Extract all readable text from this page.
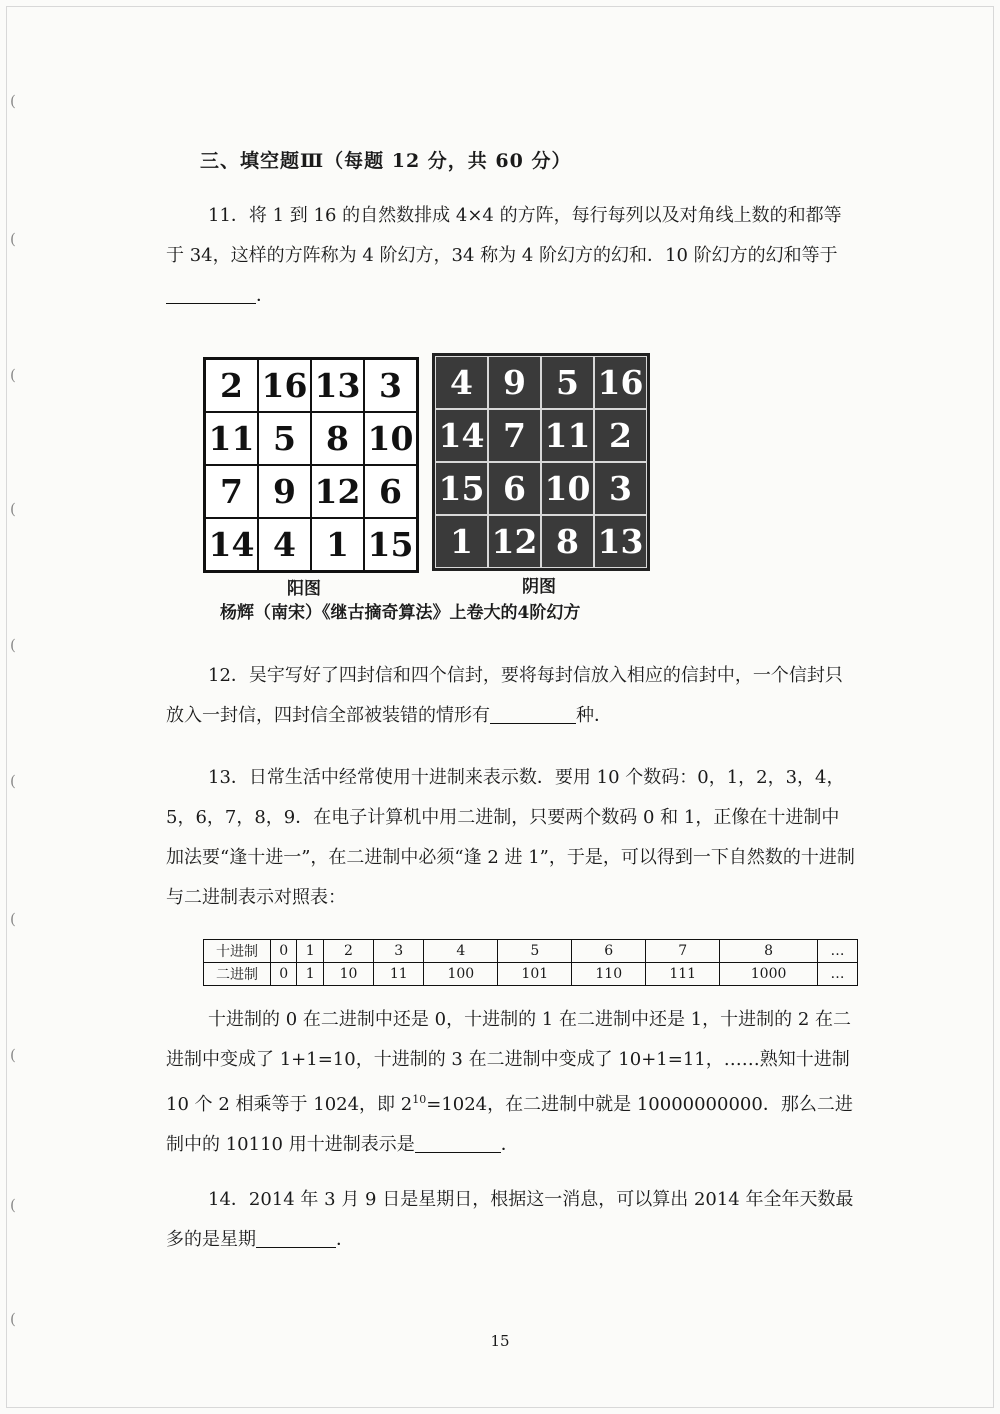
(
(
(
(
(
(
(
(
(
(
三、填空题Ⅲ（每题 12 分，共 60 分）

11．将 1 到 16 的自然数排成 4×4 的方阵，每行每列以及对角线上数的和都等于 34，这样的方阵称为 4 阶幻方，34 称为 4 阶幻方的幻和．10 阶幻方的幻和等于．

2 16 13 3
11 5 8 10
7 9 12 6
14 4 1 15
4 9 5 16
14 7 11 2
15 6 10 3
1 12 8 13
阳图	阴图
杨辉（南宋）《继古摘奇算法》上卷大的4阶幻方

12．吴宇写好了四封信和四个信封，要将每封信放入相应的信封中，一个信封只放入一封信，四封信全部被装错的情形有	种．

13．日常生活中经常使用十进制来表示数．要用 10 个数码：0，1，2，3，4，5，6，7，8，9．在电子计算机中用二进制，只要两个数码 0 和 1，正像在十进制中加法要“逢十进一”，在二进制中必须“逢 2 进 1”，于是，可以得到一下自然数的十进制与二进制表示对照表：

十进制	0	1	2	3	4	5	6	7	8	…
二进制	0	1	10	11	100	101	110	111	1000	…

十进制的 0 在二进制中还是 0，十进制的 1 在二进制中还是 1，十进制的 2 在二进制中变成了 1+1=10，十进制的 3 在二进制中变成了 10+1=11，……熟知十进制 10 个 2 相乘等于 1024，即 $2^{10}=1024$，在二进制中就是 10000000000．那么二进制中的 10110 用十进制表示是	．

14．2014 年 3 月 9 日是星期日，根据这一消息，可以算出 2014 年全年天数最多的是星期	．

15
